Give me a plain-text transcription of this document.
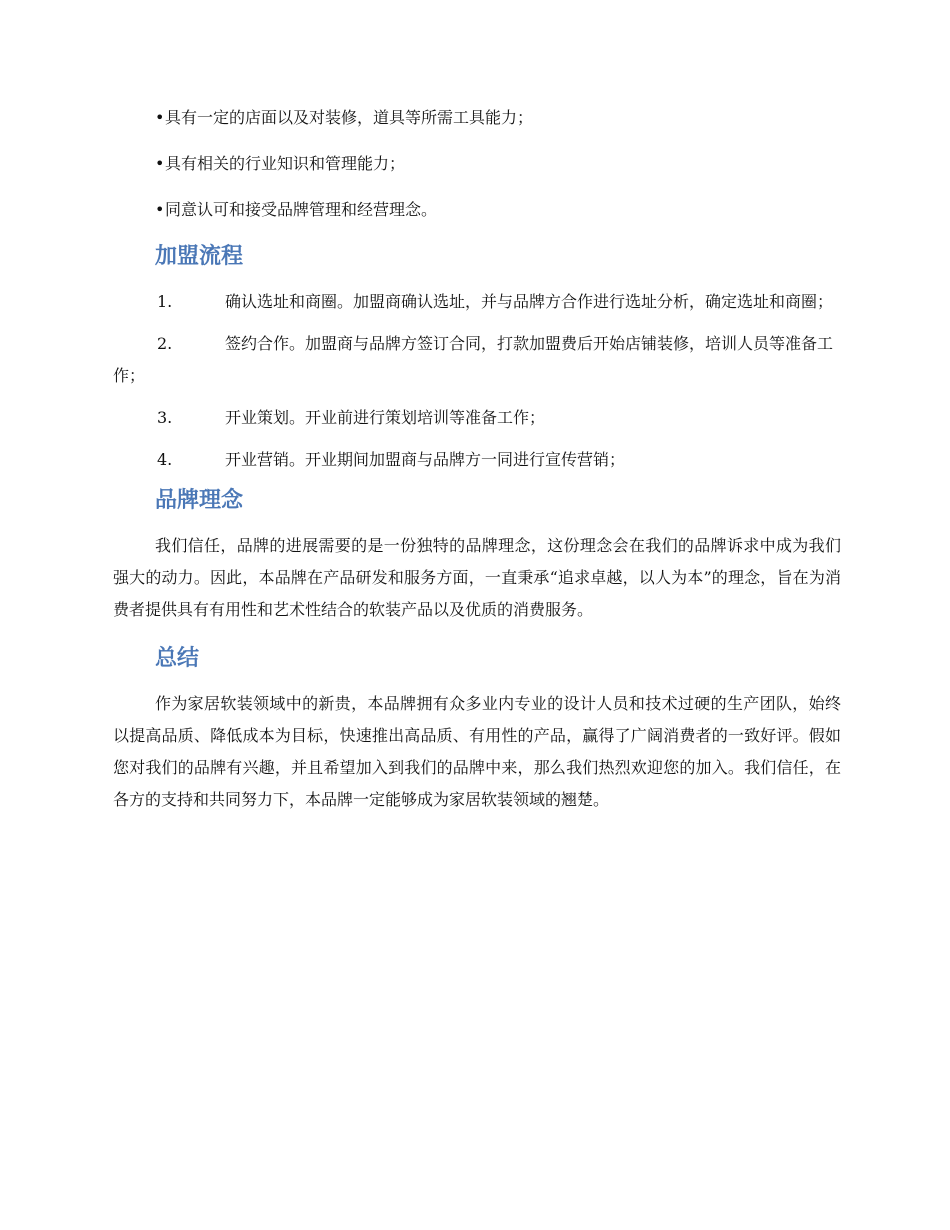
• 具有一定的店面以及对装修，道具等所需工具能力；
• 具有相关的行业知识和管理能力；
• 同意认可和接受品牌管理和经营理念。
加盟流程
1.	确认选址和商圈。加盟商确认选址，并与品牌方合作进行选址分析，确定选址和商圈；
2.	签约合作。加盟商与品牌方签订合同，打款加盟费后开始店铺装修，培训人员等准备工作；
3.	开业策划。开业前进行策划培训等准备工作；
4.	开业营销。开业期间加盟商与品牌方一同进行宣传营销；
品牌理念

我们信任，品牌的进展需要的是一份独特的品牌理念，这份理念会在我们的品牌诉求中成为我们强大的动力。因此，本品牌在产品研发和服务方面，一直秉承“追求卓越，以人为本”的理念，旨在为消费者提供具有有用性和艺术性结合的软装产品以及优质的消费服务。

总结

作为家居软装领域中的新贵，本品牌拥有众多业内专业的设计人员和技术过硬的生产团队，始终以提高品质、降低成本为目标，快速推出高品质、有用性的产品，赢得了广阔消费者的一致好评。假如您对我们的品牌有兴趣，并且希望加入到我们的品牌中来，那么我们热烈欢迎您的加入。我们信任，在各方的支持和共同努力下，本品牌一定能够成为家居软装领域的翘楚。
